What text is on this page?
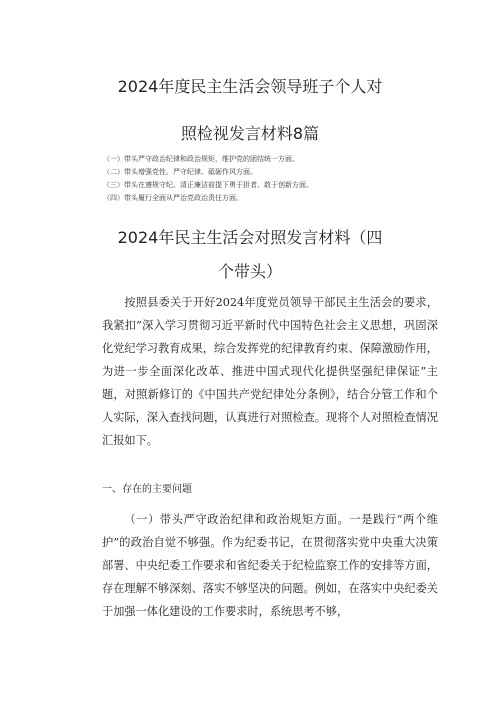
2024年度民主生活会领导班子个人对
照检视发言材料8篇
（一）带头严守政治纪律和政治规矩，维护党的团结统一方面。
（二）带头增强党性、严守纪律、砥砺作风方面。
（三）带头在遵规守纪、清正廉洁前提下勇于担者、敢于创新方面。
（四）带头履行全面从严治党政治责任方面。
2024年民主生活会对照发言材料（四
个带头）

按照县委关于开好2024年度党员领导干部民主生活会的要求，我紧扣”深入学习贯彻习近平新时代中国特色社会主义思想，巩固深化党纪学习教育成果，综合发挥党的纪律教育约束、保障激励作用，为进一步全面深化改革、推进中国式现代化提供坚强纪律保证”主题，对照新修订的《中国共产党纪律处分条例》，结合分管工作和个人实际，深入查找问题，认真进行对照检查。现将个人对照检查情况汇报如下。

一、存在的主要问题

（一）带头严守政治纪律和政治规矩方面。一是践行“两个维护”的政治自觉不够强。作为纪委书记，在贯彻落实党中央重大决策部署、中央纪委工作要求和省纪委关于纪检监察工作的安排等方面，存在理解不够深刻、落实不够坚决的问题。例如，在落实中央纪委关于加强一体化建设的工作要求时，系统思考不够，
